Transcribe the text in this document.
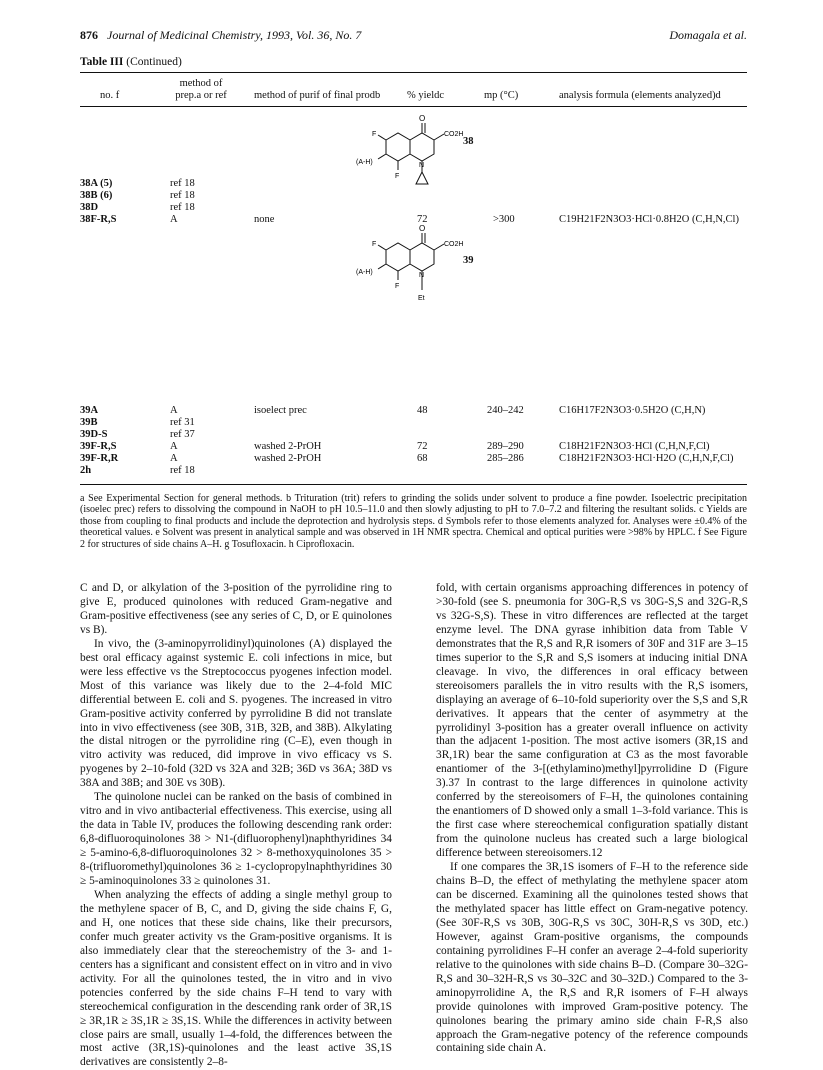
876 Journal of Medicinal Chemistry, 1993, Vol. 36, No. 7	Domagala et al.
Table III (Continued)
no. f
method of
prep.a or ref	method of purif of final prodb	% yieldc	mp (°C)	analysis formula (elements analyzed)d
O
CO2H
F
(A-H)	N
F
38
38A (5)	ref 18
38B (6)	ref 18
38D	ref 18
38F-R,S	A	none	72	>300	C19H21F2N3O3·HCl·0.8H2O (C,H,N,Cl)
O
CO2H
F
(A-H)	N
F
Et
39
39A	A	isoelect prec	48	240–242	C16H17F2N3O3·0.5H2O (C,H,N)
39B	ref 31
39D-S	ref 37
39F-R,S	A	washed 2-PrOH	72	289–290	C18H21F2N3O3·HCl (C,H,N,F,Cl)
39F-R,R	A	washed 2-PrOH	68	285–286	C18H21F2N3O3·HCl·H2O (C,H,N,F,Cl)
2h	ref 18
a See Experimental Section for general methods. b Trituration (trit) refers to grinding the solids under solvent to produce a fine powder. Isoelectric precipitation (isoelec prec) refers to dissolving the compound in NaOH to pH 10.5–11.0 and then slowly adjusting to pH to 7.0–7.2 and filtering the resultant solids. c Yields are those from coupling to final products and include the deprotection and hydrolysis steps. d Symbols refer to those elements analyzed for. Analyses were ±0.4% of the theoretical values. e Solvent was present in analytical sample and was observed in 1H NMR spectra. Chemical and optical purities were >98% by HPLC. f See Figure 2 for structures of side chains A–H. g Tosufloxacin. h Ciprofloxacin.

C and D, or alkylation of the 3-position of the pyrrolidine ring to give E, produced quinolones with reduced Gram-negative and Gram-positive effectiveness (see any series of C, D, or E quinolones vs B).

In vivo, the (3-aminopyrrolidinyl)quinolones (A) displayed the best oral efficacy against systemic E. coli infections in mice, but were less effective vs the Streptococcus pyogenes infection model. Most of this variance was likely due to the 2–4-fold MIC differential between E. coli and S. pyogenes. The increased in vitro Gram-positive activity conferred by pyrrolidine B did not translate into in vivo effectiveness (see 30B, 31B, 32B, and 38B). Alkylating the distal nitrogen or the pyrrolidine ring (C–E), even though in vitro activity was reduced, did improve in vivo efficacy vs S. pyogenes by 2–10-fold (32D vs 32A and 32B; 36D vs 36A; 38D vs 38A and 38B; and 30E vs 30B).

The quinolone nuclei can be ranked on the basis of combined in vitro and in vivo antibacterial effectiveness. This exercise, using all the data in Table IV, produces the following descending rank order: 6,8-difluoroquinolones 38 > N1-(difluorophenyl)naphthyridines 34 ≥ 5-amino-6,8-difluoroquinolones 32 > 8-methoxyquinolones 35 > 8-(trifluoromethyl)quinolones 36 ≥ 1-cyclopropylnaphthyridines 30 ≥ 5-aminoquinolones 33 ≥ quinolones 31.

When analyzing the effects of adding a single methyl group to the methylene spacer of B, C, and D, giving the side chains F, G, and H, one notices that these side chains, like their precursors, confer much greater activity vs the Gram-positive organisms. It is also immediately clear that the stereochemistry of the 3- and 1-centers has a significant and consistent effect on in vitro and in vivo activity. For all the quinolones tested, the in vitro and in vivo potencies conferred by the side chains F–H tend to vary with stereochemical configuration in the descending rank order of 3R,1S ≥ 3R,1R ≥ 3S,1R ≥ 3S,1S. While the differences in activity between close pairs are small, usually 1–4-fold, the differences between the most active (3R,1S)-quinolones and the least active 3S,1S derivatives are consistently 2–8-

fold, with certain organisms approaching differences in potency of >30-fold (see S. pneumonia for 30G-R,S vs 30G-S,S and 32G-R,S vs 32G-S,S). These in vitro differences are reflected at the target enzyme level. The DNA gyrase inhibition data from Table V demonstrates that the R,S and R,R isomers of 30F and 31F are 3–15 times superior to the S,R and S,S isomers at inducing initial DNA cleavage. In vivo, the differences in oral efficacy between stereoisomers parallels the in vitro results with the R,S isomers, displaying an average of 6–10-fold superiority over the S,S and S,R derivatives. It appears that the center of asymmetry at the pyrrolidinyl 3-position has a greater overall influence on activity than the adjacent 1-position. The most active isomers (3R,1S and 3R,1R) bear the same configuration at C3 as the most favorable enantiomer of the 3-[(ethylamino)methyl]pyrrolidine D (Figure 3).37 In contrast to the large differences in quinolone activity conferred by the stereoisomers of F–H, the quinolones containing the enantiomers of D showed only a small 1–3-fold variance. This is the first case where stereochemical configuration spatially distant from the quinolone nucleus has created such a large biological difference between stereoisomers.12

If one compares the 3R,1S isomers of F–H to the reference side chains B–D, the effect of methylating the methylene spacer atom can be discerned. Examining all the quinolones tested shows that the methylated spacer has little effect on Gram-negative potency. (See 30F-R,S vs 30B, 30G-R,S vs 30C, 30H-R,S vs 30D, etc.) However, against Gram-positive organisms, the compounds containing pyrrolidines F–H confer an average 2–4-fold superiority relative to the quinolones with side chains B–D. (Compare 30–32G-R,S and 30–32H-R,S vs 30–32C and 30–32D.) Compared to the 3-aminopyrrolidine A, the R,S and R,R isomers of F–H always provide quinolones with improved Gram-positive potency. The quinolones bearing the primary amino side chain F-R,S also approach the Gram-negative potency of the reference compounds containing side chain A.
